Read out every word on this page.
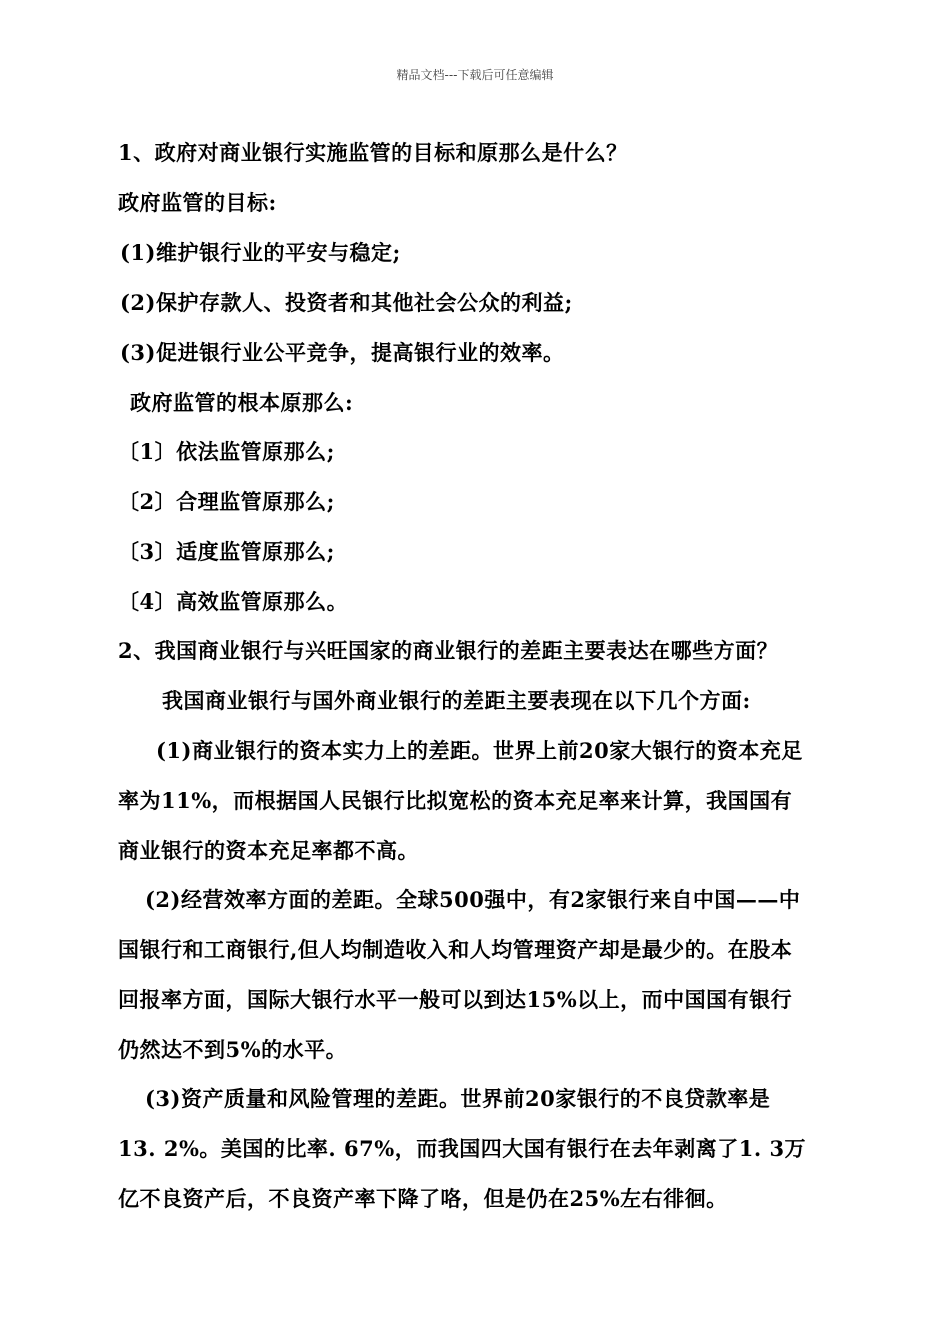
精品文档---下载后可任意编辑
1、政府对商业银行实施监管的目标和原那么是什么？
政府监管的目标:
(1)维护银行业的平安与稳定;
(2)保护存款人、投资者和其他社会公众的利益;
(3)促进银行业公平竞争，提高银行业的效率。
政府监管的根本原那么:
〔1〕依法监管原那么;
〔2〕合理监管原那么;
〔3〕适度监管原那么;
〔4〕高效监管原那么。
2、我国商业银行与兴旺国家的商业银行的差距主要表达在哪些方面？
我国商业银行与国外商业银行的差距主要表现在以下几个方面:
(1)商业银行的资本实力上的差距。世界上前20家大银行的资本充足
率为11%，而根据国人民银行比拟宽松的资本充足率来计算，我国国有
商业银行的资本充足率都不高。
(2)经营效率方面的差距。全球500强中，有2家银行来自中国——中
国银行和工商银行,但人均制造收入和人均管理资产却是最少的。在股本
回报率方面，国际大银行水平一般可以到达15%以上，而中国国有银行
仍然达不到5%的水平。
(3)资产质量和风险管理的差距。世界前20家银行的不良贷款率是
13. 2%。美国的比率. 67%，而我国四大国有银行在去年剥离了1. 3万
亿不良资产后，不良资产率下降了咯，但是仍在25%左右徘徊。
